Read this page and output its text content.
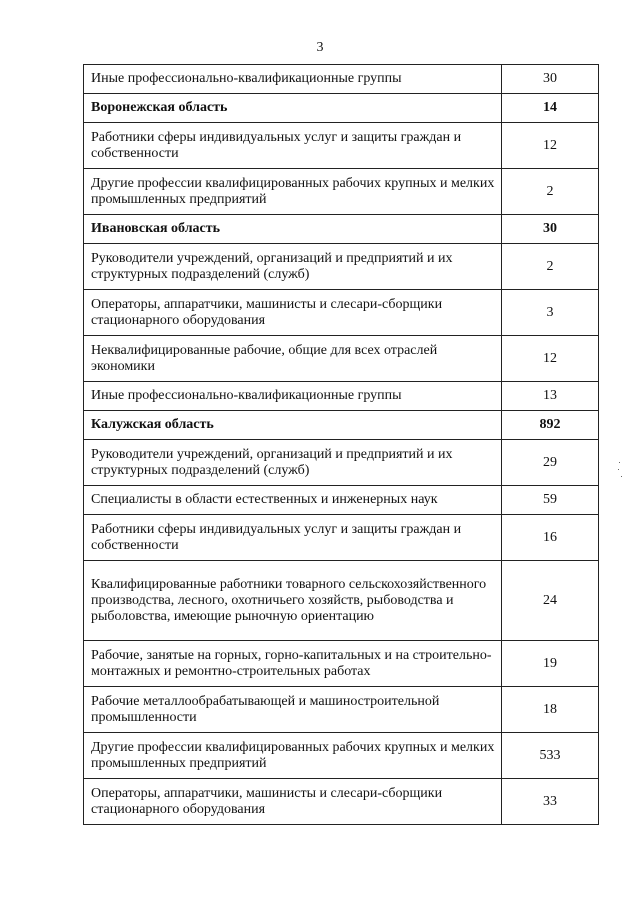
3
Иные профессионально-квалификационные группы	30
Воронежская область	14
Работники сферы индивидуальных услуг и защиты граждан и собственности	12
Другие профессии квалифицированных рабочих крупных и мелких промышленных предприятий	2
Ивановская область	30
Руководители учреждений, организаций и предприятий и их структурных подразделений (служб)	2
Операторы, аппаратчики, машинисты и слесари-сборщики стационарного оборудования	3
Неквалифицированные рабочие, общие для всех отраслей экономики	12
Иные профессионально-квалификационные группы	13
Калужская область	892
Руководители учреждений, организаций и предприятий и их структурных подразделений (служб)	29
Специалисты в области естественных и инженерных наук	59
Работники сферы индивидуальных услуг и защиты граждан и собственности	16
Квалифицированные работники товарного сельскохозяйственного производства, лесного, охотничьего хозяйств, рыбоводства и рыболовства, имеющие рыночную ориентацию	24
Рабочие, занятые на горных, горно-капитальных и на строительно-монтажных и ремонтно-строительных работах	19
Рабочие металлообрабатывающей и машиностроительной промышленности	18
Другие профессии квалифицированных рабочих крупных и мелких промышленных предприятий	533
Операторы, аппаратчики, машинисты и слесари-сборщики стационарного оборудования	33
